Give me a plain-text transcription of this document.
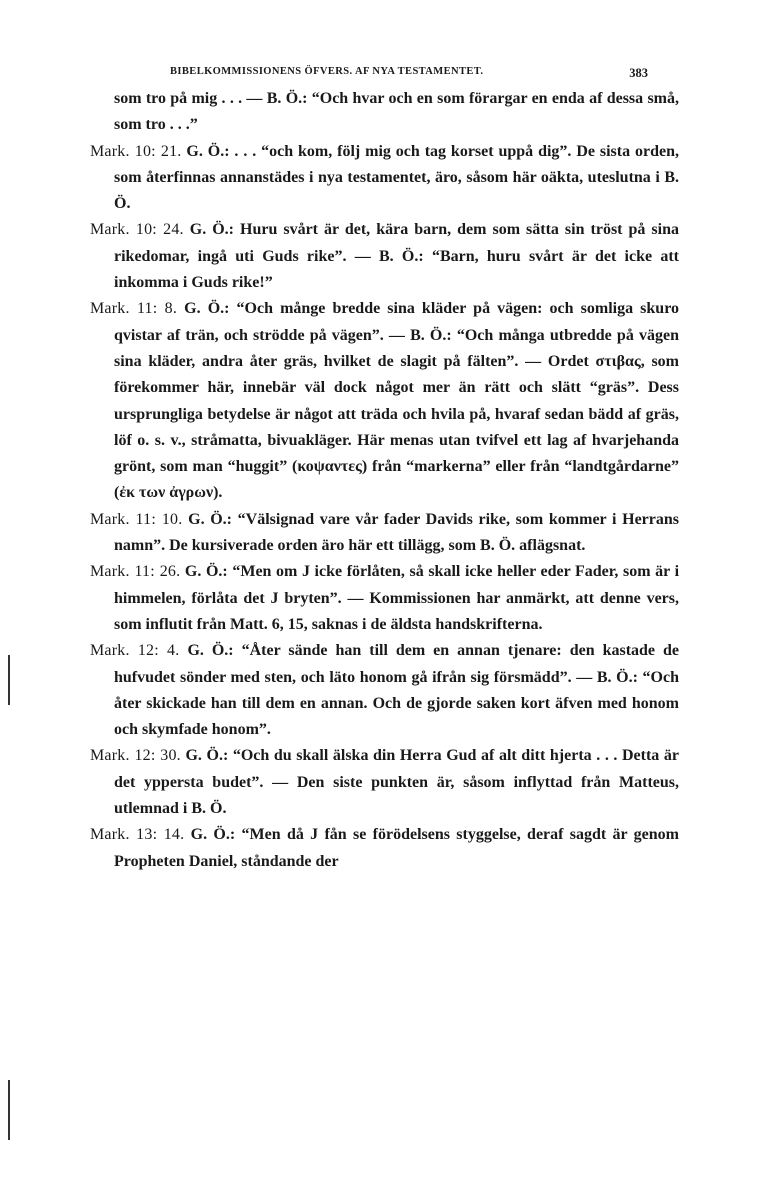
BIBELKOMMISSIONENS ÖFVERS. AF NYA TESTAMENTET.	383

som tro på mig . . . — B. Ö.: “Och hvar och en som förargar en enda af dessa små, som tro . . .”

Mark. 10: 21. G. Ö.: . . . “och kom, följ mig och tag korset uppå dig”. De sista orden, som återfinnas annanstädes i nya testamentet, äro, såsom här oäkta, uteslutna i B. Ö.

Mark. 10: 24. G. Ö.: Huru svårt är det, kära barn, dem som sätta sin tröst på sina rikedomar, ingå uti Guds rike”. — B. Ö.: “Barn, huru svårt är det icke att inkomma i Guds rike!”

Mark. 11: 8. G. Ö.: “Och månge bredde sina kläder på vägen: och somliga skuro qvistar af trän, och strödde på vägen”. — B. Ö.: “Och många utbredde på vägen sina kläder, andra åter gräs, hvilket de slagit på fälten”. — Ordet στιβας, som förekommer här, innebär väl dock något mer än rätt och slätt “gräs”. Dess ursprungliga betydelse är något att träda och hvila på, hvaraf sedan bädd af gräs, löf o. s. v., stråmatta, bivuakläger. Här menas utan tvifvel ett lag af hvarjehanda grönt, som man “huggit” (κοψαντες) från “markerna” eller från “landtgårdarne” (ἐκ των ἀγρων).

Mark. 11: 10. G. Ö.: “Välsignad vare vår fader Davids rike, som kommer i Herrans namn”. De kursiverade orden äro här ett tillägg, som B. Ö. aflägsnat.

Mark. 11: 26. G. Ö.: “Men om J icke förlåten, så skall icke heller eder Fader, som är i himmelen, förlåta det J bryten”. — Kommissionen har anmärkt, att denne vers, som influtit från Matt. 6, 15, saknas i de äldsta handskrifterna.

Mark. 12: 4. G. Ö.: “Åter sände han till dem en annan tjenare: den kastade de hufvudet sönder med sten, och läto honom gå ifrån sig försmädd”. — B. Ö.: “Och åter skickade han till dem en annan. Och de gjorde saken kort äfven med honom och skymfade honom”.

Mark. 12: 30. G. Ö.: “Och du skall älska din Herra Gud af alt ditt hjerta . . . Detta är det yppersta budet”. — Den siste punkten är, såsom inflyttad från Matteus, utlemnad i B. Ö.

Mark. 13: 14. G. Ö.: “Men då J fån se förödelsens styggelse, deraf sagdt är genom Propheten Daniel, ståndande der
